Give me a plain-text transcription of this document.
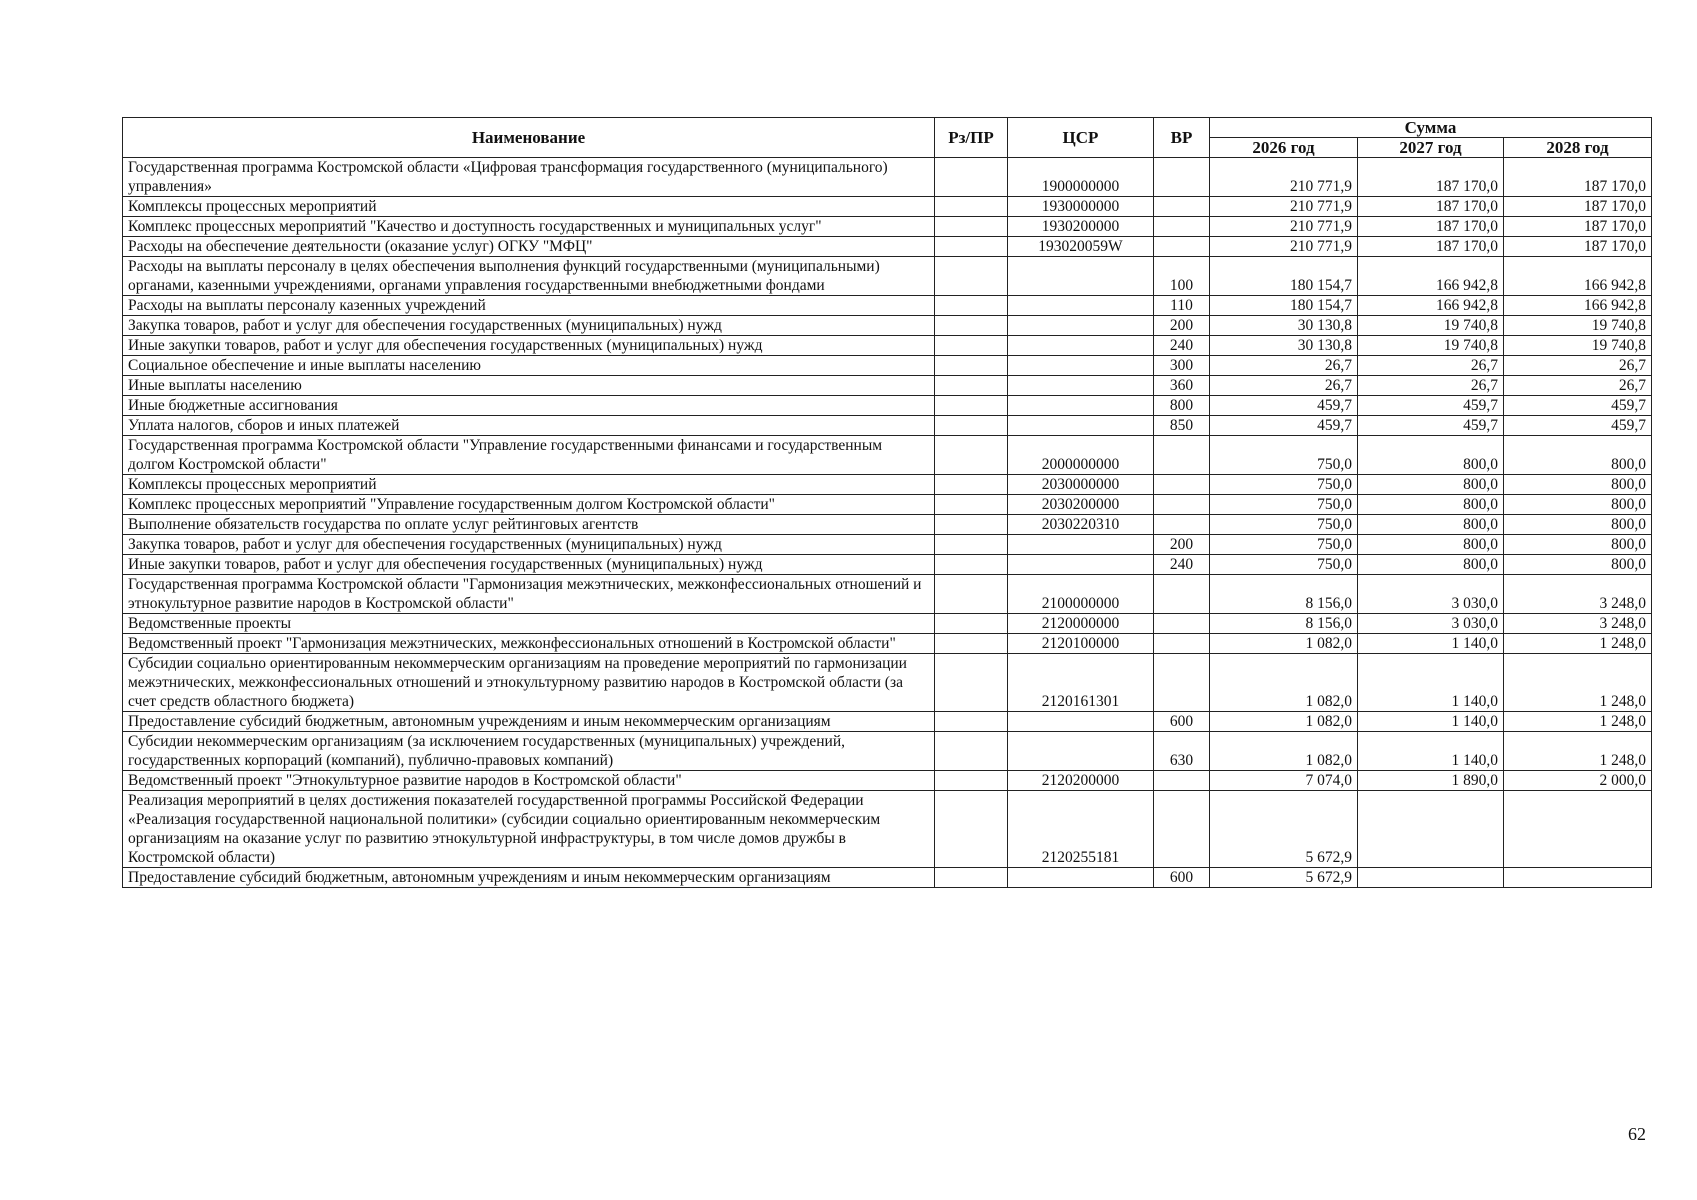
Наименование	Рз/ПР	ЦСР	ВР	Сумма		
				2026 год	2027 год	2028 год
Государственная программа Костромской области «Цифровая трансформация государственного (муниципального) управления»		1900000000		210 771,9	187 170,0	187 170,0
Комплексы процессных мероприятий		1930000000		210 771,9	187 170,0	187 170,0
Комплекс процессных мероприятий "Качество и доступность государственных и муниципальных услуг"		1930200000		210 771,9	187 170,0	187 170,0
Расходы на обеспечение деятельности (оказание услуг) ОГКУ "МФЦ"		193020059W		210 771,9	187 170,0	187 170,0
Расходы на выплаты персоналу в целях обеспечения выполнения функций государственными (муниципальными) органами, казенными учреждениями, органами управления государственными внебюджетными фондами			100	180 154,7	166 942,8	166 942,8
Расходы на выплаты персоналу казенных учреждений			110	180 154,7	166 942,8	166 942,8
Закупка товаров, работ и услуг для обеспечения государственных (муниципальных) нужд			200	30 130,8	19 740,8	19 740,8
Иные закупки товаров, работ и услуг для обеспечения государственных (муниципальных) нужд			240	30 130,8	19 740,8	19 740,8
Социальное обеспечение и иные выплаты населению			300	26,7	26,7	26,7
Иные выплаты населению			360	26,7	26,7	26,7
Иные бюджетные ассигнования			800	459,7	459,7	459,7
Уплата налогов, сборов и иных платежей			850	459,7	459,7	459,7
Государственная программа Костромской области "Управление государственными финансами и государственным долгом Костромской области"		2000000000		750,0	800,0	800,0
Комплексы процессных мероприятий		2030000000		750,0	800,0	800,0
Комплекс процессных мероприятий "Управление государственным долгом Костромской области"		2030200000		750,0	800,0	800,0
Выполнение обязательств государства по оплате услуг рейтинговых агентств		2030220310		750,0	800,0	800,0
Закупка товаров, работ и услуг для обеспечения государственных (муниципальных) нужд			200	750,0	800,0	800,0
Иные закупки товаров, работ и услуг для обеспечения государственных (муниципальных) нужд			240	750,0	800,0	800,0
Государственная программа Костромской области "Гармонизация межэтнических, межконфессиональных отношений и этнокультурное развитие народов в Костромской области"		2100000000		8 156,0	3 030,0	3 248,0
Ведомственные проекты		2120000000		8 156,0	3 030,0	3 248,0
Ведомственный проект "Гармонизация межэтнических, межконфессиональных отношений в Костромской области"		2120100000		1 082,0	1 140,0	1 248,0
Субсидии социально ориентированным некоммерческим организациям на проведение мероприятий по гармонизации межэтнических, межконфессиональных отношений и этнокультурному развитию народов в Костромской области (за счет средств областного бюджета)		2120161301		1 082,0	1 140,0	1 248,0
Предоставление субсидий бюджетным, автономным учреждениям и иным некоммерческим организациям			600	1 082,0	1 140,0	1 248,0
Субсидии некоммерческим организациям (за исключением государственных (муниципальных) учреждений, государственных корпораций (компаний), публично-правовых компаний)			630	1 082,0	1 140,0	1 248,0
Ведомственный проект "Этнокультурное развитие народов в Костромской области"		2120200000		7 074,0	1 890,0	2 000,0
Реализация мероприятий в целях достижения показателей государственной программы Российской Федерации «Реализация государственной национальной политики» (субсидии социально ориентированным некоммерческим организациям на оказание услуг по развитию этнокультурной инфраструктуры, в том числе домов дружбы в Костромской области)		2120255181		5 672,9		
Предоставление субсидий бюджетным, автономным учреждениям и иным некоммерческим организациям			600	5 672,9		
62
